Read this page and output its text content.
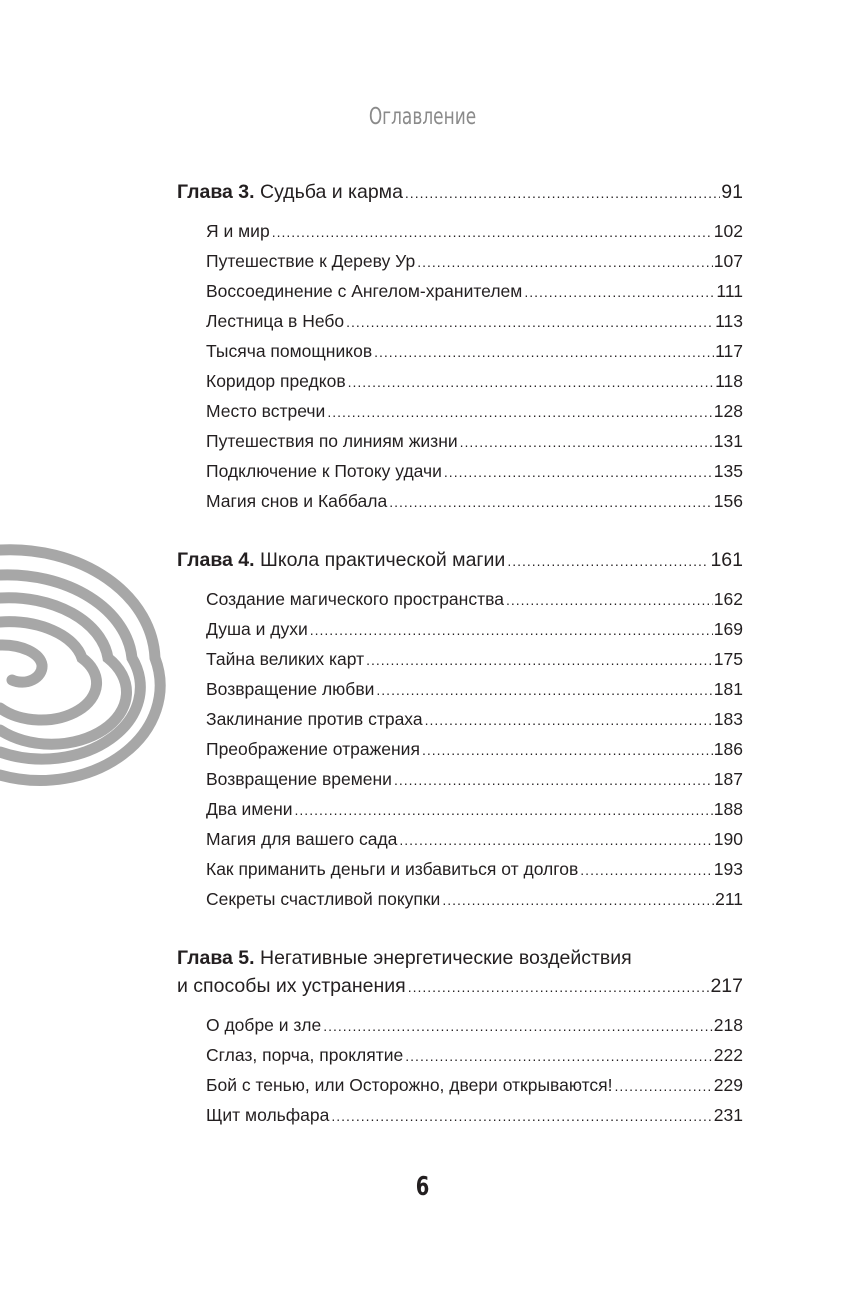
Оглавление
Глава 3. Судьба и карма .....	91
Я и мир .....	102
Путешествие к Дереву Ур .....	107
Воссоединение с Ангелом-хранителем .....	111
Лестница в Небо .....	113
Тысяча помощников .....	117
Коридор предков .....	118
Место встречи .....	128
Путешествия по линиям жизни .....	131
Подключение к Потоку удачи .....	135
Магия снов и Каббала .....	156
Глава 4. Школа практической магии .....	161
Создание магического пространства .....	162
Душа и духи .....	169
Тайна великих карт .....	175
Возвращение любви .....	181
Заклинание против страха .....	183
Преображение отражения .....	186
Возвращение времени .....	187
Два имени .....	188
Магия для вашего сада .....	190
Как приманить деньги и избавиться от долгов .....	193
Секреты счастливой покупки .....	211
Глава 5. Негативные энергетические воздействия
и способы их устранения .....	217
О добре и зле .....	218
Сглаз, порча, проклятие .....	222
Бой с тенью, или Осторожно, двери открываются! .....	229
Щит мольфара .....	231
6
